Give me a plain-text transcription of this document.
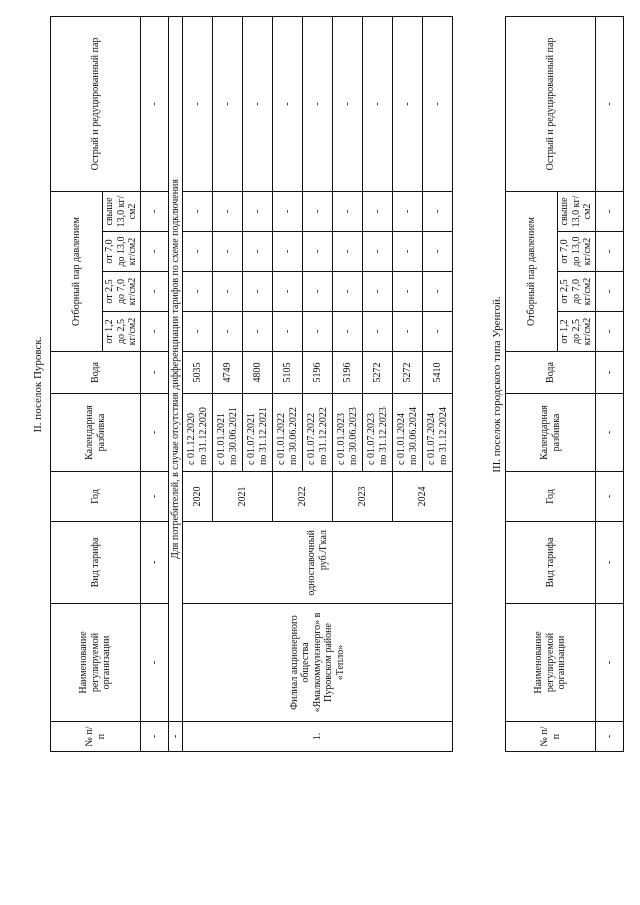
II. поселок Пуровск.
№ п/п	Наименование регулируемой организации	Вид тарифа	Год	Календарная разбивка	Вода	Отборный пар давлением				Острый и редуцированный пар
						от 1,2 до 2,5 кг/см2	от 2,5 до 7,0 кг/см2	от 7,0 до 13,0 кг/см2	свыше 13,0 кг/см2	
-	-	-	-	-	-	-	-	-	-	-
-	Для потребителей, в случае отсутствия дифференциации тарифов по схеме подключения									
1.	Филиал акционерного общества «Ямалкоммунэнерго» в Пуровском районе «Тепло»	одноставочный руб./Гкал	2020	с 01.12.2020 по 31.12.2020	5035	-	-	-	-	-
			2021	с 01.01.2021 по 30.06.2021	4749	-	-	-	-	-

				с 01.07.2021 по 31.12.2021	4800	-	-	-	-	-
			2022	с 01.01.2022 по 30.06.2022	5105	-	-	-	-	-

				с 01.07.2022 по 31.12.2022	5196	-	-	-	-	-
			2023	с 01.01.2023 по 30.06.2023	5196	-	-	-	-	-

				с 01.07.2023 по 31.12.2023	5272	-	-	-	-	-
			2024	с 01.01.2024 по 30.06.2024	5272	-	-	-	-	-

				с 01.07.2024 по 31.12.2024	5410	-	-	-	-	-
III. поселок городского типа Уренгой.
№ п/п	Наименование регулируемой организации	Вид тарифа	Год	Календарная разбивка	Вода	Отборный пар давлением				Острый и редуцированный пар
						от 1,2 до 2,5 кг/см2	от 2,5 до 7,0 кг/см2	от 7,0 до 13,0 кг/см2	свыше 13,0 кг/см2	
-	-	-	-	-	-	-	-	-	-	-
